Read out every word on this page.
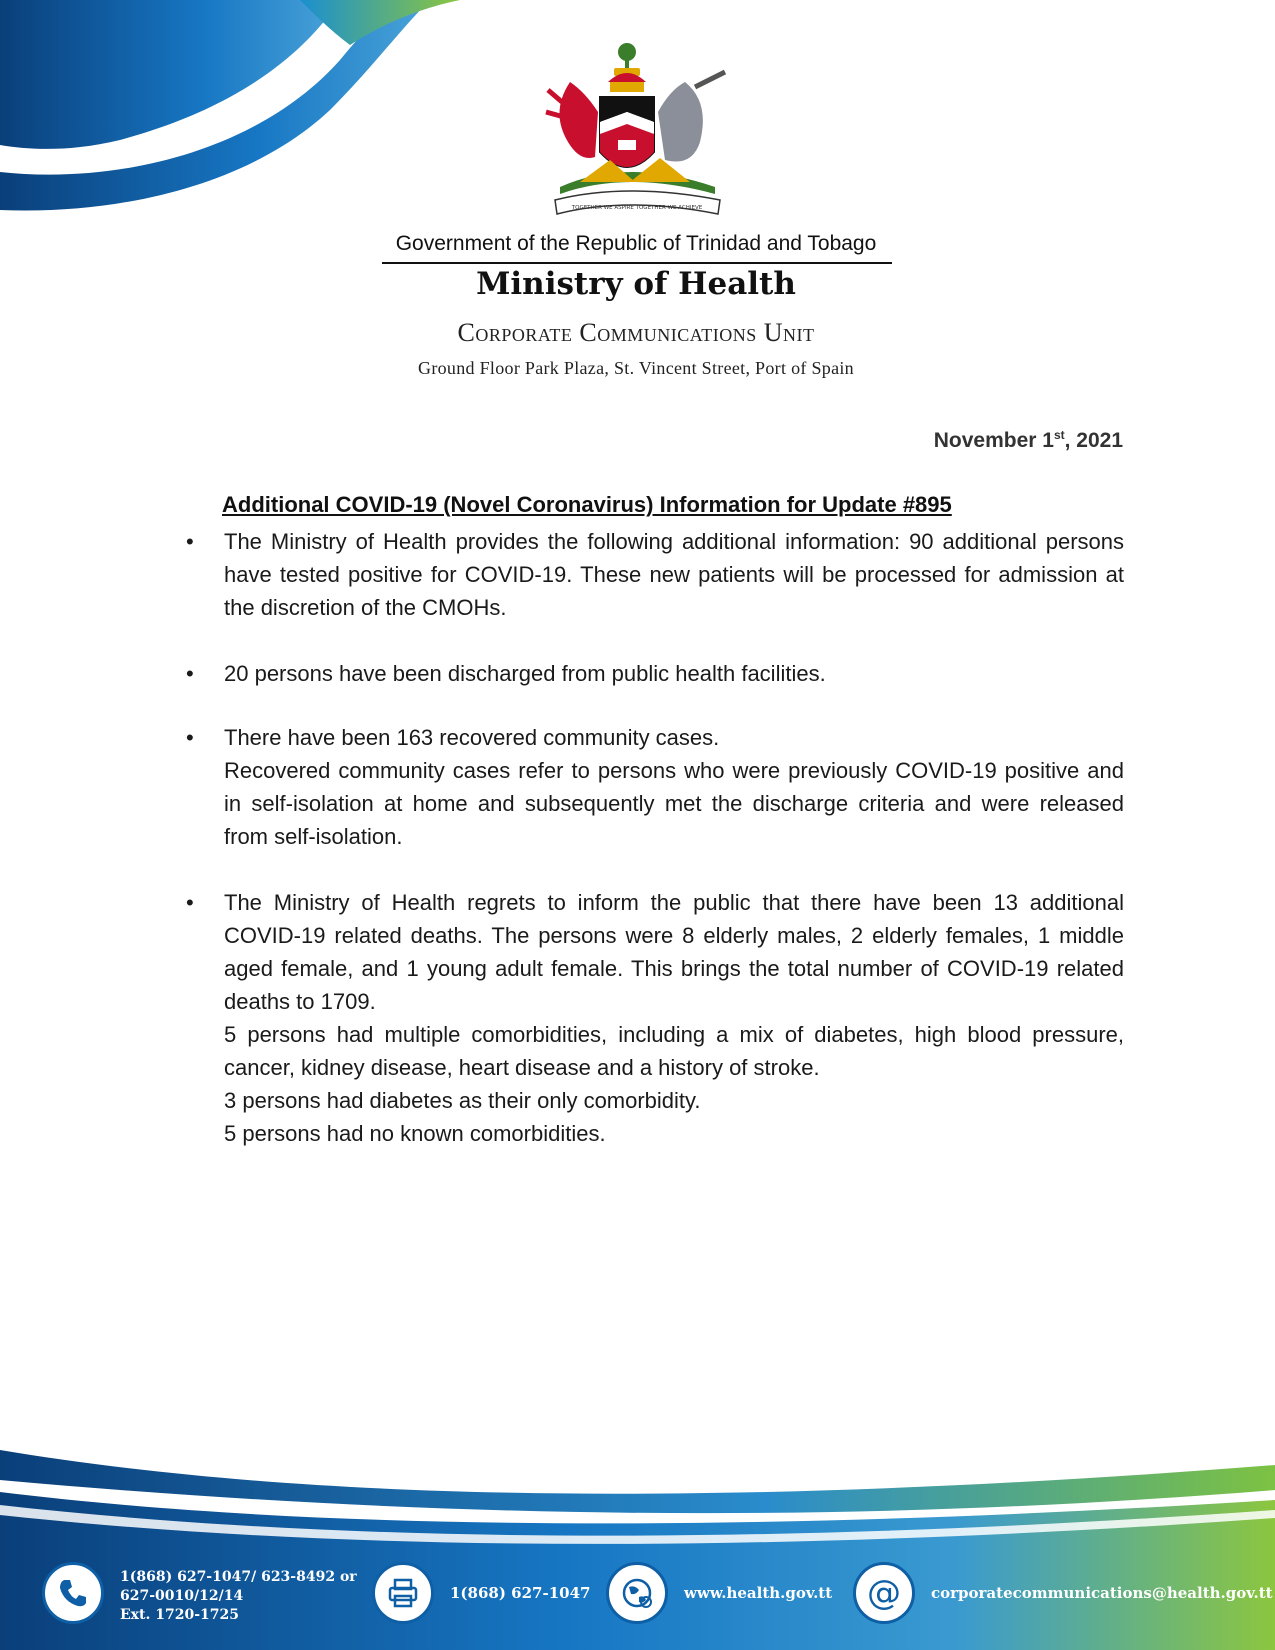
TOGETHER WE ASPIRE TOGETHER WE ACHIEVE
Government of the Republic of Trinidad and Tobago
Ministry of Health
Corporate Communications Unit
Ground Floor Park Plaza, St. Vincent Street, Port of Spain
November 1st, 2021
Additional COVID-19 (Novel Coronavirus) Information for Update #895

• The Ministry of Health provides the following additional information: 90 additional persons have tested positive for COVID-19. These new patients will be processed for admission at the discretion of the CMOHs.

• 20 persons have been discharged from public health facilities.

• There have been 163 recovered community cases.

Recovered community cases refer to persons who were previously COVID-19 positive and in self-isolation at home and subsequently met the discharge criteria and were released from self-isolation.

• The Ministry of Health regrets to inform the public that there have been 13 additional COVID-19 related deaths. The persons were 8 elderly males, 2 elderly females, 1 middle aged female, and 1 young adult female. This brings the total number of COVID-19 related deaths to 1709.

5 persons had multiple comorbidities, including a mix of diabetes, high blood pressure, cancer, kidney disease, heart disease and a history of stroke.

3 persons had diabetes as their only comorbidity.

5 persons had no known comorbidities.

1(868) 627-1047/ 623-8492 or
627-0010/12/14
Ext. 1720-1725
1(868) 627-1047	www.health.gov.tt @ corporatecommunications@health.gov.tt
